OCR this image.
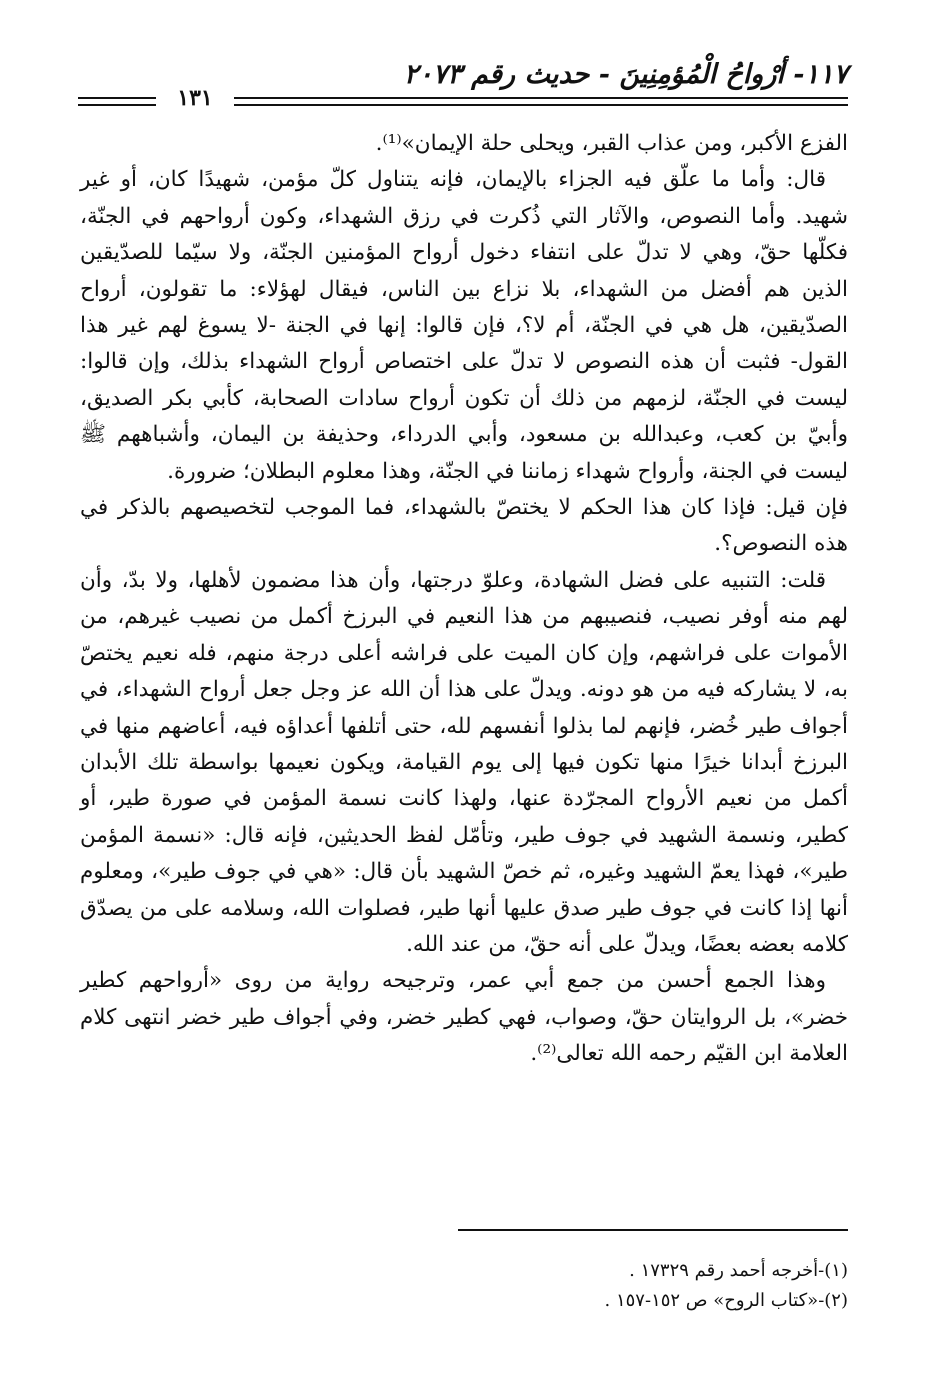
١١٧- أرْواحُ الْمُؤمِنِينَ - حديث رقم ٢٠٧٣
١٣١

الفزع الأكبر، ومن عذاب القبر، ويحلى حلة الإيمان»⁽¹⁾.

قال: وأما ما علّق فيه الجزاء بالإيمان، فإنه يتناول كلّ مؤمن، شهيدًا كان، أو غير شهيد. وأما النصوص، والآثار التي ذُكرت في رزق الشهداء، وكون أرواحهم في الجنّة، فكلّها حقّ، وهي لا تدلّ على انتفاء دخول أرواح المؤمنين الجنّة، ولا سيّما للصدّيقين الذين هم أفضل من الشهداء، بلا نزاع بين الناس، فيقال لهؤلاء: ما تقولون، أرواح الصدّيقين، هل هي في الجنّة، أم لا؟، فإن قالوا: إنها في الجنة -لا يسوغ لهم غير هذا القول- فثبت أن هذه النصوص لا تدلّ على اختصاص أرواح الشهداء بذلك، وإن قالوا: ليست في الجنّة، لزمهم من ذلك أن تكون أرواح سادات الصحابة، كأبي بكر الصديق، وأبيّ بن كعب، وعبدالله بن مسعود، وأبي الدرداء، وحذيفة بن اليمان، وأشباههم ﷺ ليست في الجنة، وأرواح شهداء زماننا في الجنّة، وهذا معلوم البطلان؛ ضرورة.

فإن قيل: فإذا كان هذا الحكم لا يختصّ بالشهداء، فما الموجب لتخصيصهم بالذكر في هذه النصوص؟.

قلت: التنبيه على فضل الشهادة، وعلوّ درجتها، وأن هذا مضمون لأهلها، ولا بدّ، وأن لهم منه أوفر نصيب، فنصيبهم من هذا النعيم في البرزخ أكمل من نصيب غيرهم، من الأموات على فراشهم، وإن كان الميت على فراشه أعلى درجة منهم، فله نعيم يختصّ به، لا يشاركه فيه من هو دونه. ويدلّ على هذا أن الله عز وجل جعل أرواح الشهداء، في أجواف طير خُضر، فإنهم لما بذلوا أنفسهم لله، حتى أتلفها أعداؤه فيه، أعاضهم منها في البرزخ أبدانا خيرًا منها تكون فيها إلى يوم القيامة، ويكون نعيمها بواسطة تلك الأبدان أكمل من نعيم الأرواح المجرّدة عنها، ولهذا كانت نسمة المؤمن في صورة طير، أو كطير، ونسمة الشهيد في جوف طير، وتأمّل لفظ الحديثين، فإنه قال: «نسمة المؤمن طير»، فهذا يعمّ الشهيد وغيره، ثم خصّ الشهيد بأن قال: «هي في جوف طير»، ومعلوم أنها إذا كانت في جوف طير صدق عليها أنها طير، فصلوات الله، وسلامه على من يصدّق كلامه بعضه بعضًا، ويدلّ على أنه حقّ، من عند الله.

وهذا الجمع أحسن من جمع أبي عمر، وترجيحه رواية من روى «أرواحهم كطير خضر»، بل الروايتان حقّ، وصواب، فهي كطير خضر، وفي أجواف طير خضر انتهى كلام العلامة ابن القيّم رحمه الله تعالى⁽²⁾.

(١)-أخرجه أحمد رقم ١٧٣٢٩ .
(٢)-«كتاب الروح» ص ١٥٢-١٥٧ .
